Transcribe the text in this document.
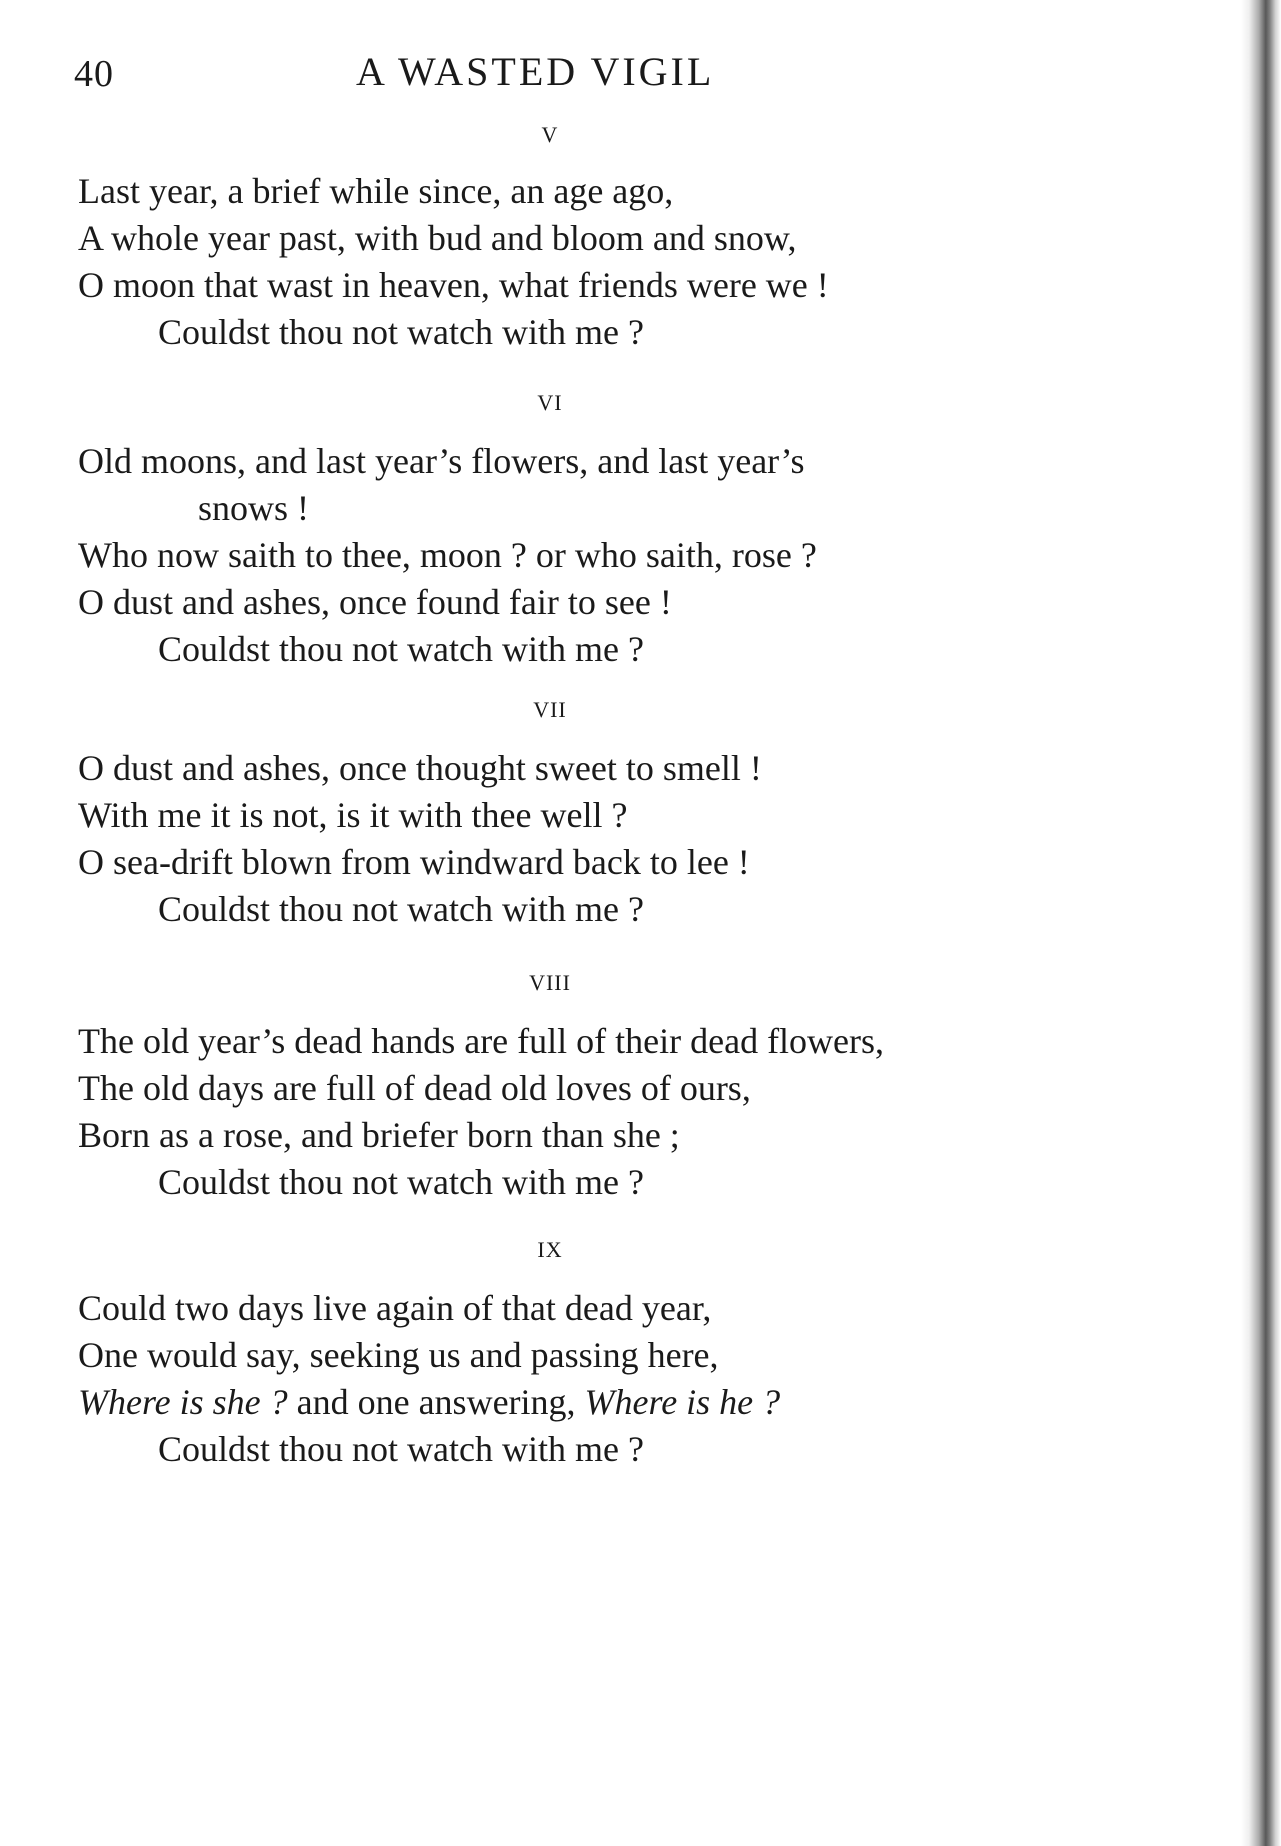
40	A WASTED VIGIL
V
Last year, a brief while since, an age ago,
A whole year past, with bud and bloom and snow,
O moon that wast in heaven, what friends were we !
Couldst thou not watch with me ?
VI
Old moons, and last year’s flowers, and last year’s
snows !
Who now saith to thee, moon ? or who saith, rose ?
O dust and ashes, once found fair to see !
Couldst thou not watch with me ?
VII
O dust and ashes, once thought sweet to smell !
With me it is not, is it with thee well ?
O sea-drift blown from windward back to lee !
Couldst thou not watch with me ?
VIII
The old year’s dead hands are full of their dead flowers,
The old days are full of dead old loves of ours,
Born as a rose, and briefer born than she ;
Couldst thou not watch with me ?
IX
Could two days live again of that dead year,
One would say, seeking us and passing here,
Where is she ? and one answering, Where is he ?
Couldst thou not watch with me ?
